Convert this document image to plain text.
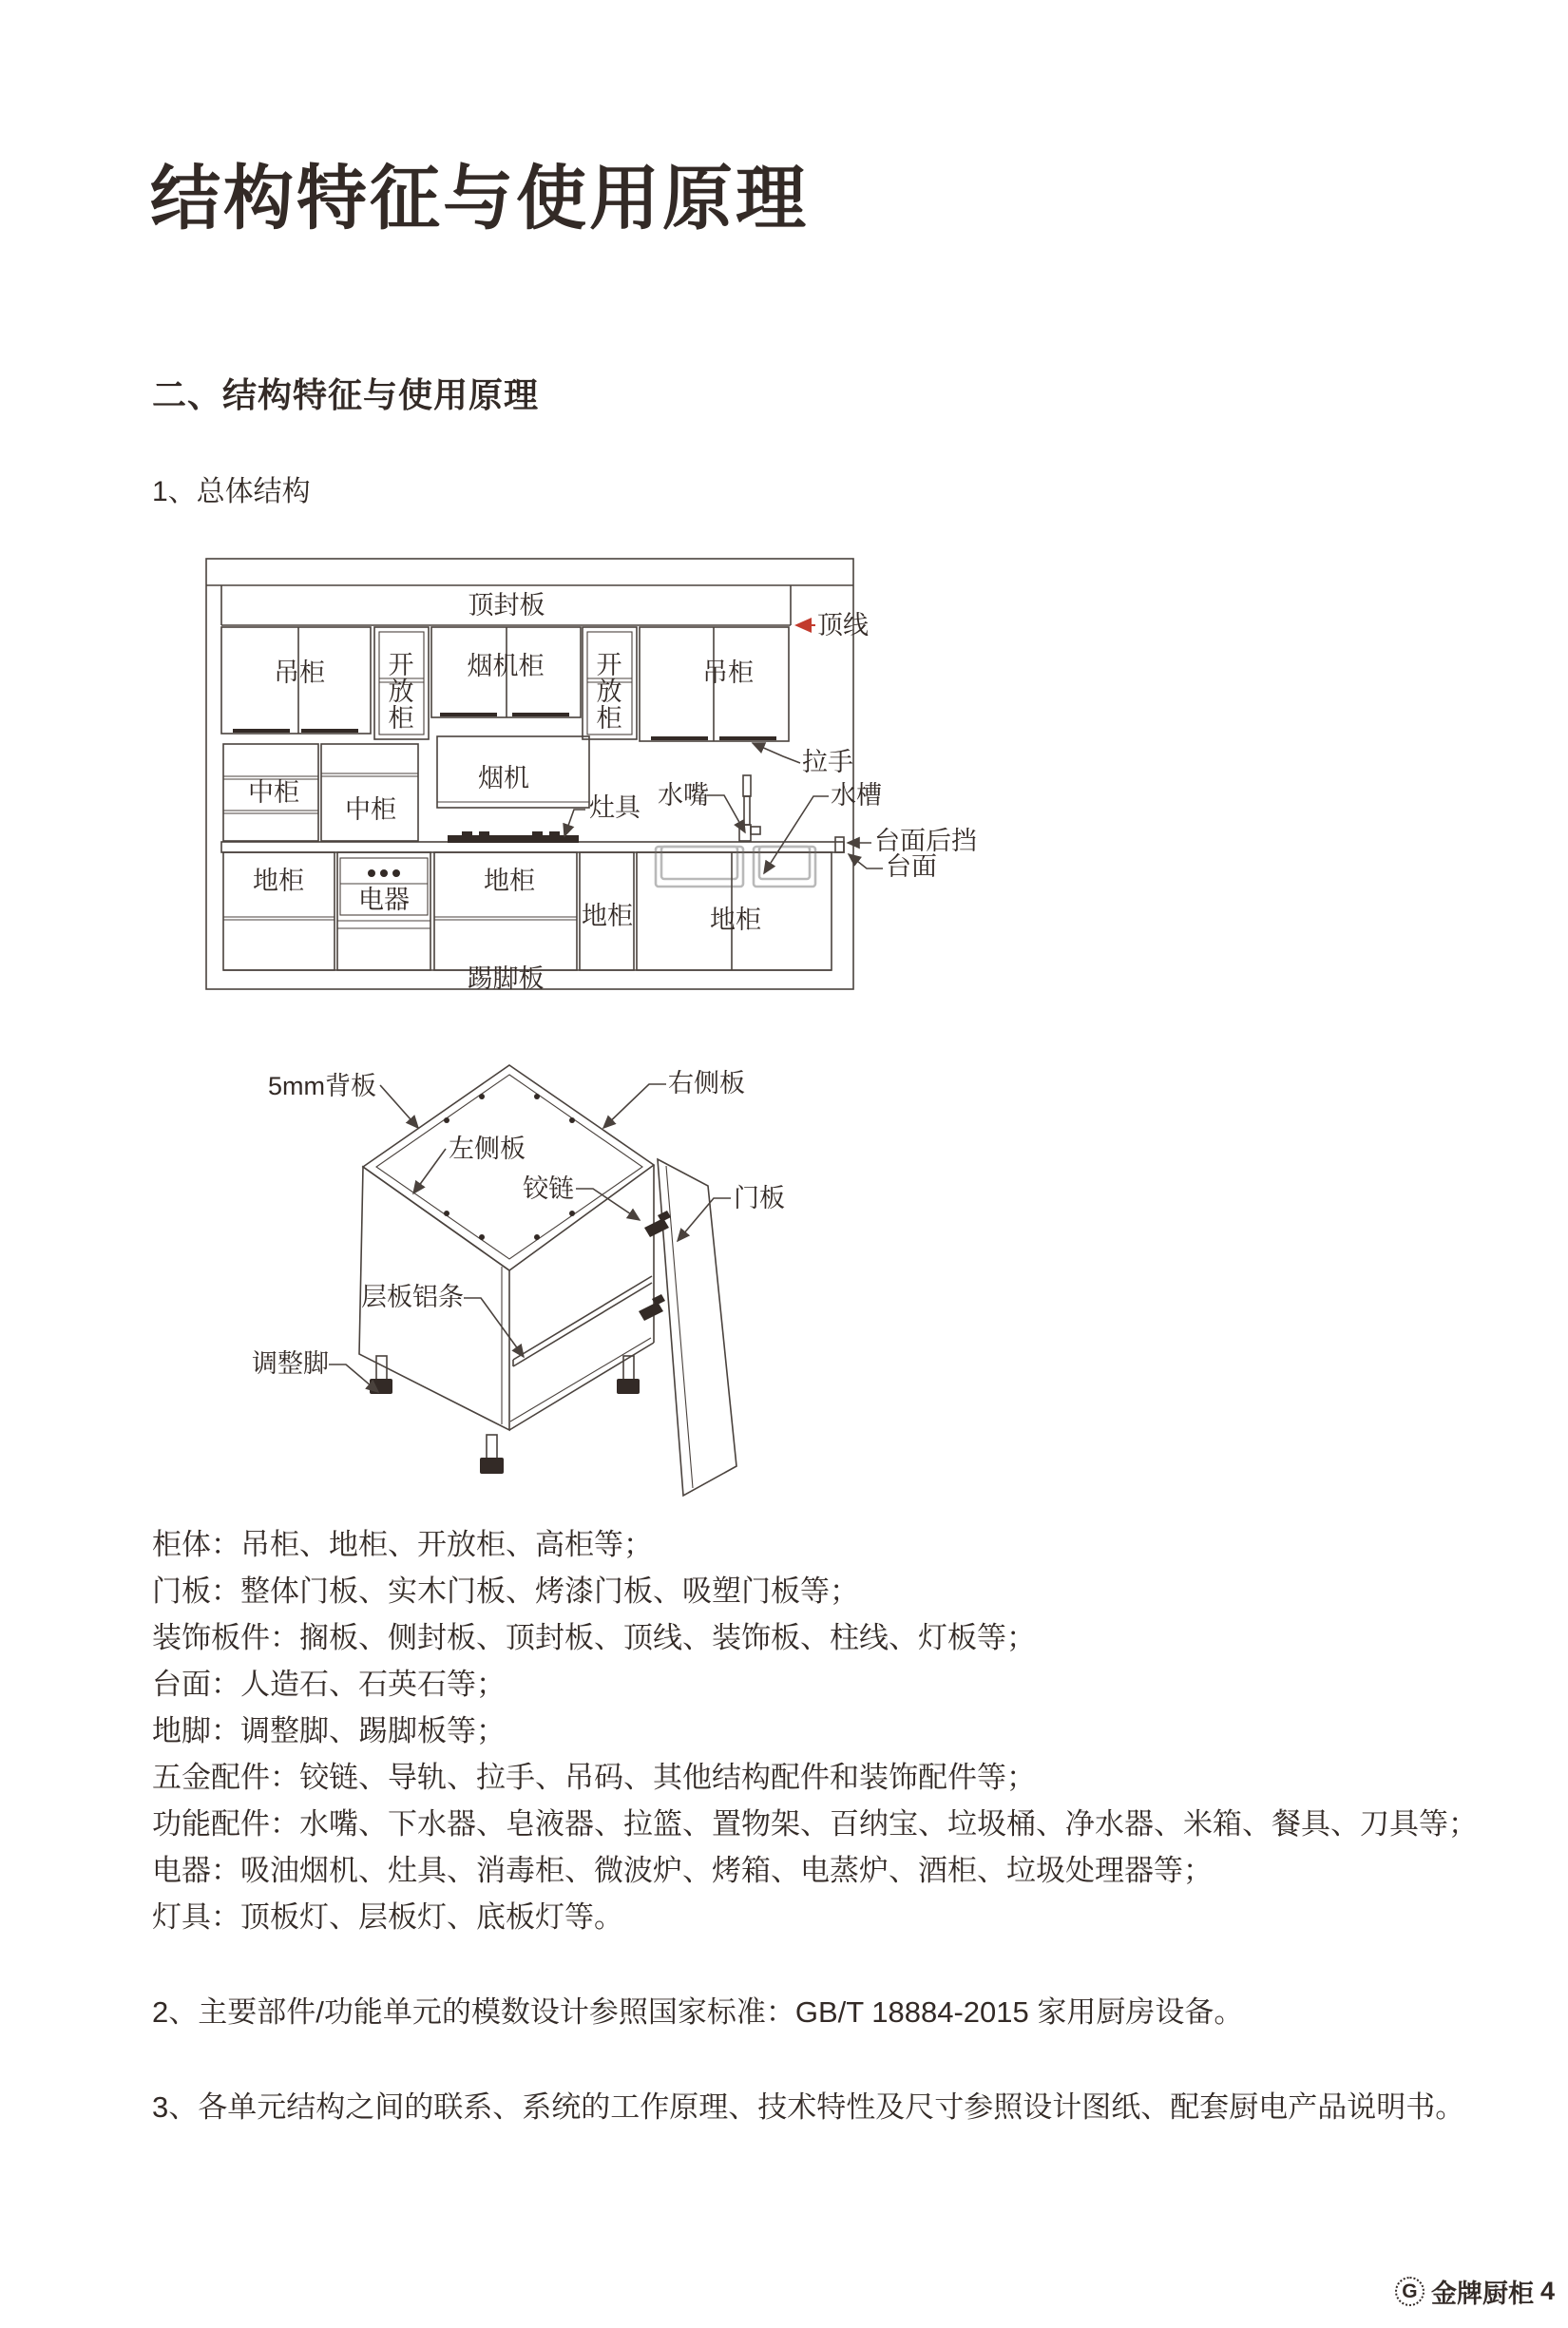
结构特征与使用原理
二、结构特征与使用原理
1、总体结构
顶封板
顶线
吊柜 开
放
柜
烟机柜 开
放
柜
吊柜
拉手
中柜
中柜
烟机
灶具 水嘴	水槽
台面后挡
台面
地柜
电器
地柜
地柜	地柜
踢脚板
5mm背板	右侧板
左侧板
铰链	门板
层板铝条
调整脚
柜体：吊柜、地柜、开放柜、高柜等；
门板：整体门板、实木门板、烤漆门板、吸塑门板等；
装饰板件：搁板、侧封板、顶封板、顶线、装饰板、柱线、灯板等；
台面：人造石、石英石等；
地脚：调整脚、踢脚板等；
五金配件：铰链、导轨、拉手、吊码、其他结构配件和装饰配件等；
功能配件：水嘴、下水器、皂液器、拉篮、置物架、百纳宝、垃圾桶、净水器、米箱、餐具、刀具等；
电器：吸油烟机、灶具、消毒柜、微波炉、烤箱、电蒸炉、酒柜、垃圾处理器等；
灯具：顶板灯、层板灯、底板灯等。
2、主要部件/功能单元的模数设计参照国家标准：GB/T 18884-2015 家用厨房设备。
3、各单元结构之间的联系、系统的工作原理、技术特性及尺寸参照设计图纸、配套厨电产品说明书。
G 金牌厨柜 4
